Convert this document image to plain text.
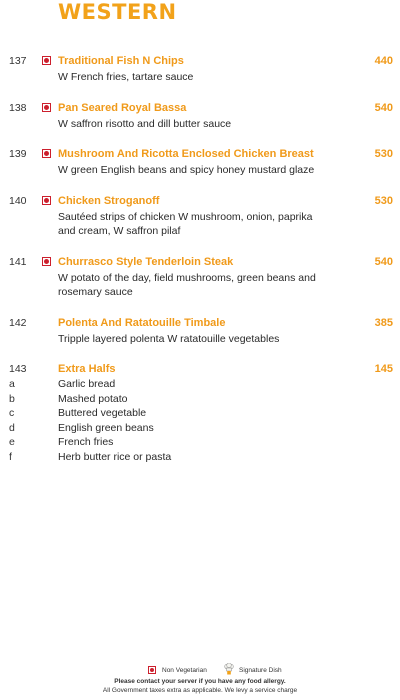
WESTERN
137	Traditional Fish N Chips	440
W French fries, tartare sauce
138	Pan Seared Royal Bassa	540
W saffron risotto and dill butter sauce
139	Mushroom And Ricotta Enclosed Chicken Breast	530
W green English beans and spicy honey mustard glaze
140	Chicken Stroganoff	530
Sautéed strips of chicken W mushroom, onion, paprika and cream, W saffron pilaf
141	Churrasco Style Tenderloin Steak	540
W potato of the day, field mushrooms, green beans and rosemary sauce
142	Polenta And Ratatouille Timbale	385
Tripple layered polenta W ratatouille vegetables
143	Extra Halfs	145
a	Garlic bread
b	Mashed potato
c	Buttered vegetable
d	English green beans
e	French fries
f	Herb butter rice or pasta
Non Vegetarian	Signature Dish
Please contact your server if you have any food allergy.
All Government taxes extra as applicable. We levy a service charge
